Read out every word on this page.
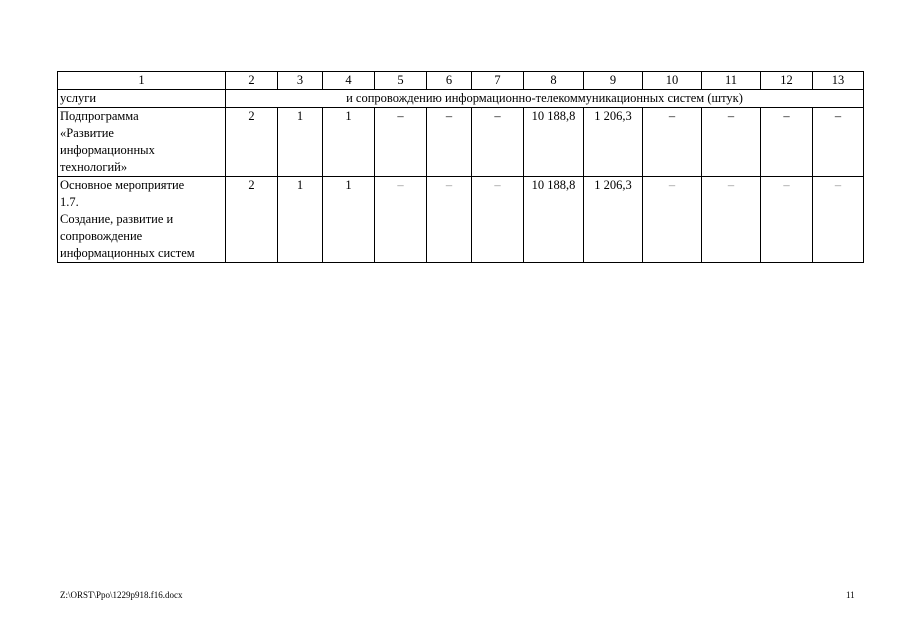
1	2	3	4	5	6	7	8	9	10	11	12	13
услуги	и сопровождению информационно-телекоммуникационных систем (штук)											

Подпрограмма
«Развитие
информационных
технологий»	2	1	1	–	–	–	10 188,8	1 206,3	–	–	–	–

Основное мероприятие
1.7.
Создание, развитие и
сопровождение
информационных систем	2	1	1	–	–	–	10 188,8	1 206,3	–	–	–	–
Z:\ORST\Ppo\1229p918.f16.docx	11
